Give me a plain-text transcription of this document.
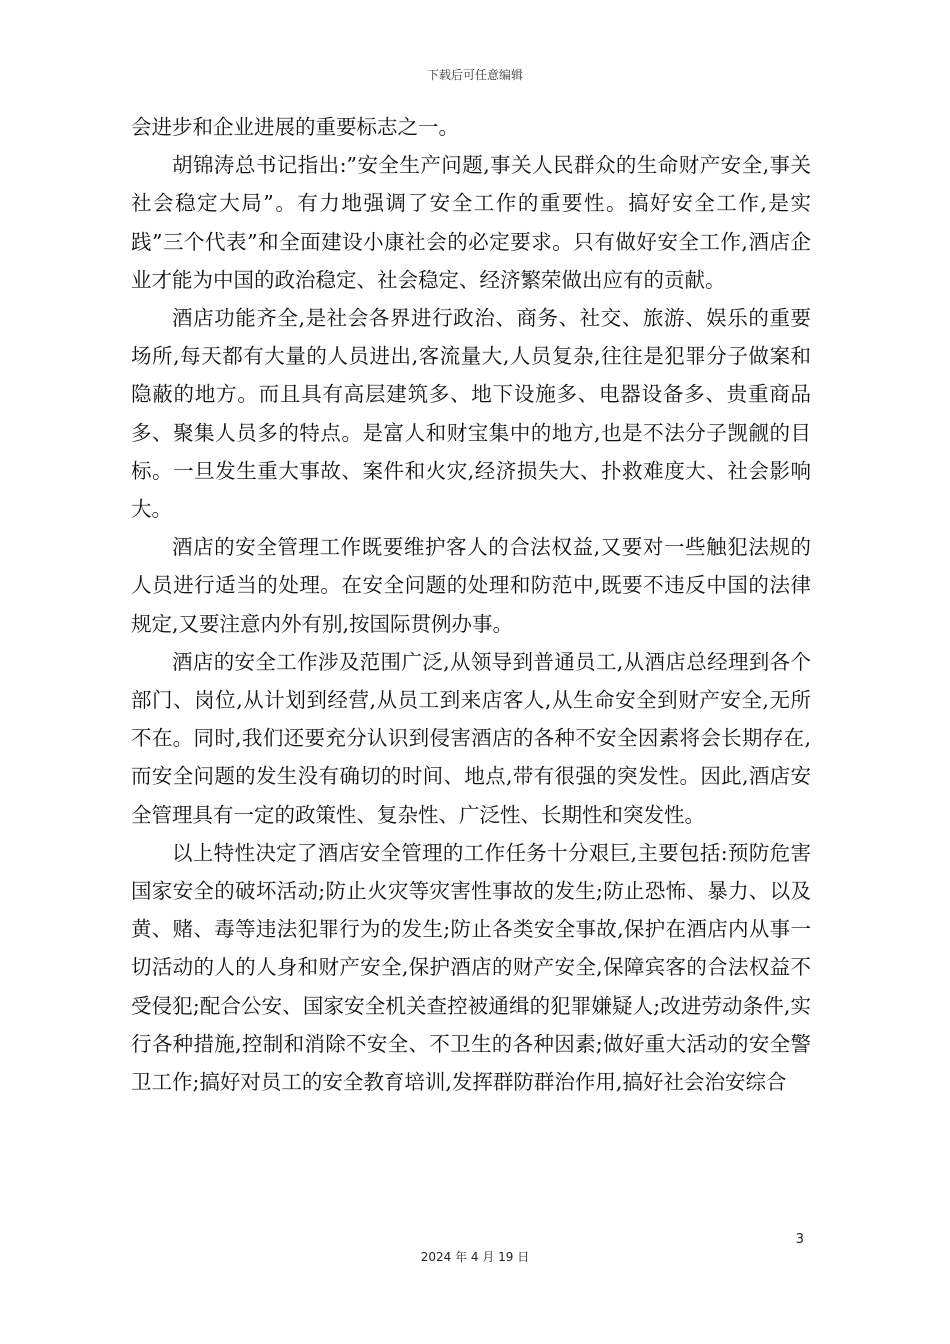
下载后可任意编辑

会进步和企业进展的重要标志之一。

胡锦涛总书记指出:”安全生产问题,事关人民群众的生命财产安全,事关社会稳定大局”。有力地强调了安全工作的重要性。搞好安全工作,是实践”三个代表”和全面建设小康社会的必定要求。只有做好安全工作,酒店企业才能为中国的政治稳定、社会稳定、经济繁荣做出应有的贡献。

酒店功能齐全,是社会各界进行政治、商务、社交、旅游、娱乐的重要场所,每天都有大量的人员进出,客流量大,人员复杂,往往是犯罪分子做案和隐蔽的地方。而且具有高层建筑多、地下设施多、电器设备多、贵重商品多、聚集人员多的特点。是富人和财宝集中的地方,也是不法分子觊觎的目标。一旦发生重大事故、案件和火灾,经济损失大、扑救难度大、社会影响大。

酒店的安全管理工作既要维护客人的合法权益,又要对一些触犯法规的人员进行适当的处理。在安全问题的处理和防范中,既要不违反中国的法律规定,又要注意内外有别,按国际贯例办事。

酒店的安全工作涉及范围广泛,从领导到普通员工,从酒店总经理到各个部门、岗位,从计划到经营,从员工到来店客人,从生命安全到财产安全,无所不在。同时,我们还要充分认识到侵害酒店的各种不安全因素将会长期存在,而安全问题的发生没有确切的时间、地点,带有很强的突发性。因此,酒店安全管理具有一定的政策性、复杂性、广泛性、长期性和突发性。

以上特性决定了酒店安全管理的工作任务十分艰巨,主要包括:预防危害国家安全的破坏活动;防止火灾等灾害性事故的发生;防止恐怖、暴力、以及黄、赌、毒等违法犯罪行为的发生;防止各类安全事故,保护在酒店内从事一切活动的人的人身和财产安全,保护酒店的财产安全,保障宾客的合法权益不受侵犯;配合公安、国家安全机关查控被通缉的犯罪嫌疑人;改进劳动条件,实行各种措施,控制和消除不安全、不卫生的各种因素;做好重大活动的安全警卫工作;搞好对员工的安全教育培训,发挥群防群治作用,搞好社会治安综合

3
2024 年 4 月 19 日
